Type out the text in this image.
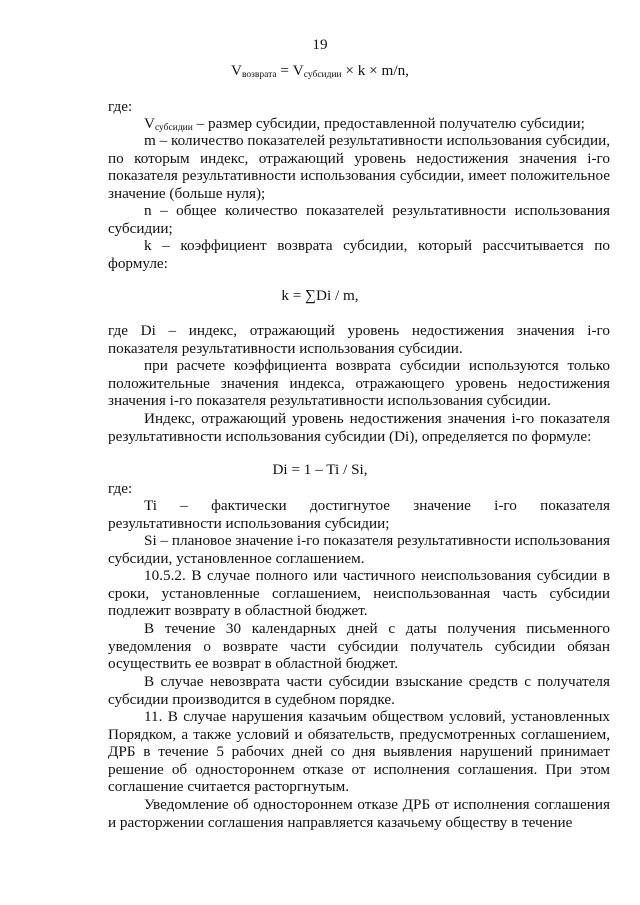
19
$V_{возврата} = V_{субсидии} \times k \times m/n$,
где:
$V_{субсидии}$ – размер субсидии, предоставленной получателю субсидии;
m – количество показателей результативности использования субсидии, по которым индекс, отражающий уровень недостижения значения i-го показателя результативности использования субсидии, имеет положительное значение (больше нуля);
n – общее количество показателей результативности использования субсидии;
k – коэффициент возврата субсидии, который рассчитывается по формуле:
k = ∑Di / m,
где Di – индекс, отражающий уровень недостижения значения i-го показателя результативности использования субсидии.
при расчете коэффициента возврата субсидии используются только положительные значения индекса, отражающего уровень недостижения значения i-го показателя результативности использования субсидии.
Индекс, отражающий уровень недостижения значения i-го показателя результативности использования субсидии (Di), определяется по формуле:
Di = 1 – Ti / Si,
где:
Ti – фактически достигнутое значение i-го показателя результативности использования субсидии;
Si – плановое значение i-го показателя результативности использования субсидии, установленное соглашением.
10.5.2. В случае полного или частичного неиспользования субсидии в сроки, установленные соглашением, неиспользованная часть субсидии подлежит возврату в областной бюджет.
В течение 30 календарных дней с даты получения письменного уведомления о возврате части субсидии получатель субсидии обязан осуществить ее возврат в областной бюджет.
В случае невозврата части субсидии взыскание средств с получателя субсидии производится в судебном порядке.
11. В случае нарушения казачьим обществом условий, установленных Порядком, а также условий и обязательств, предусмотренных соглашением, ДРБ в течение 5 рабочих дней со дня выявления нарушений принимает решение об одностороннем отказе от исполнения соглашения. При этом соглашение считается расторгнутым.
Уведомление об одностороннем отказе ДРБ от исполнения соглашения и расторжении соглашения направляется казачьему обществу в течение
